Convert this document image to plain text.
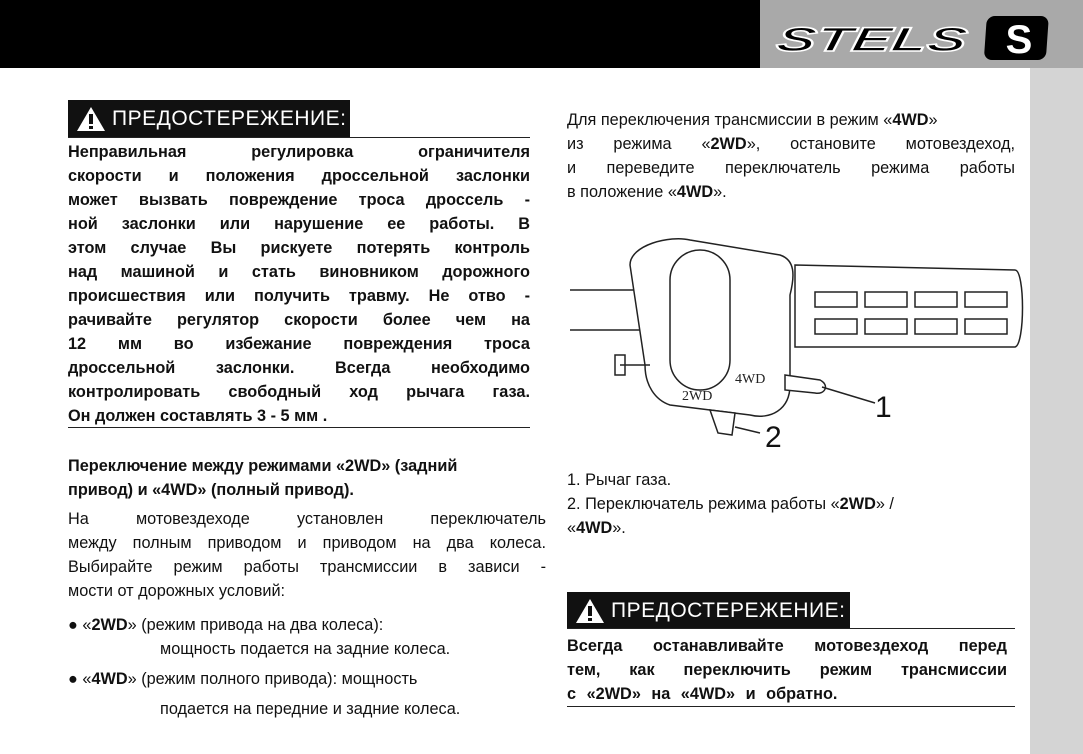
STELS	S
ПРЕДОСТЕРЕЖЕНИЕ:
Неправильная регулировка ограничителя
скорости и положения дроссельной заслонки
может вызвать повреждение троса дроссель -
ной заслонки или нарушение ее работы. В
этом случае Вы рискуете потерять контроль
над машиной и стать виновником дорожного
происшествия или получить травму. Не отво -
рачивайте регулятор скорости более чем на
12 мм во избежание повреждения троса
дроссельной заслонки. Всегда необходимо
контролировать свободный ход рычага газа.
Он должен составлять 3 - 5 мм .
Переключение между режимами «2WD» (задний
привод) и «4WD» (полный привод).
На мотовездеходе установлен переключатель
между полным приводом и приводом на два колеса.
Выбирайте режим работы трансмиссии в зависи -
мости от дорожных условий:
● «2WD» (режим привода на два колеса):
мощность подается на задние колеса.
● «4WD» (режим полного привода): мощность
подается на передние и задние колеса.
Для переключения трансмиссии в режим «4WD»
из режима «2WD», остановите мотовездеход,
и переведите переключатель режима работы
в положение «4WD».
2WD
4WD
1
2
1. Рычаг газа.
2. Переключатель режима работы «2WD» /
«4WD».
ПРЕДОСТЕРЕЖЕНИЕ:
Всегда останавливайте мотовездеход перед
тем, как переключить режим трансмиссии
с «2WD» на «4WD» и обратно.
